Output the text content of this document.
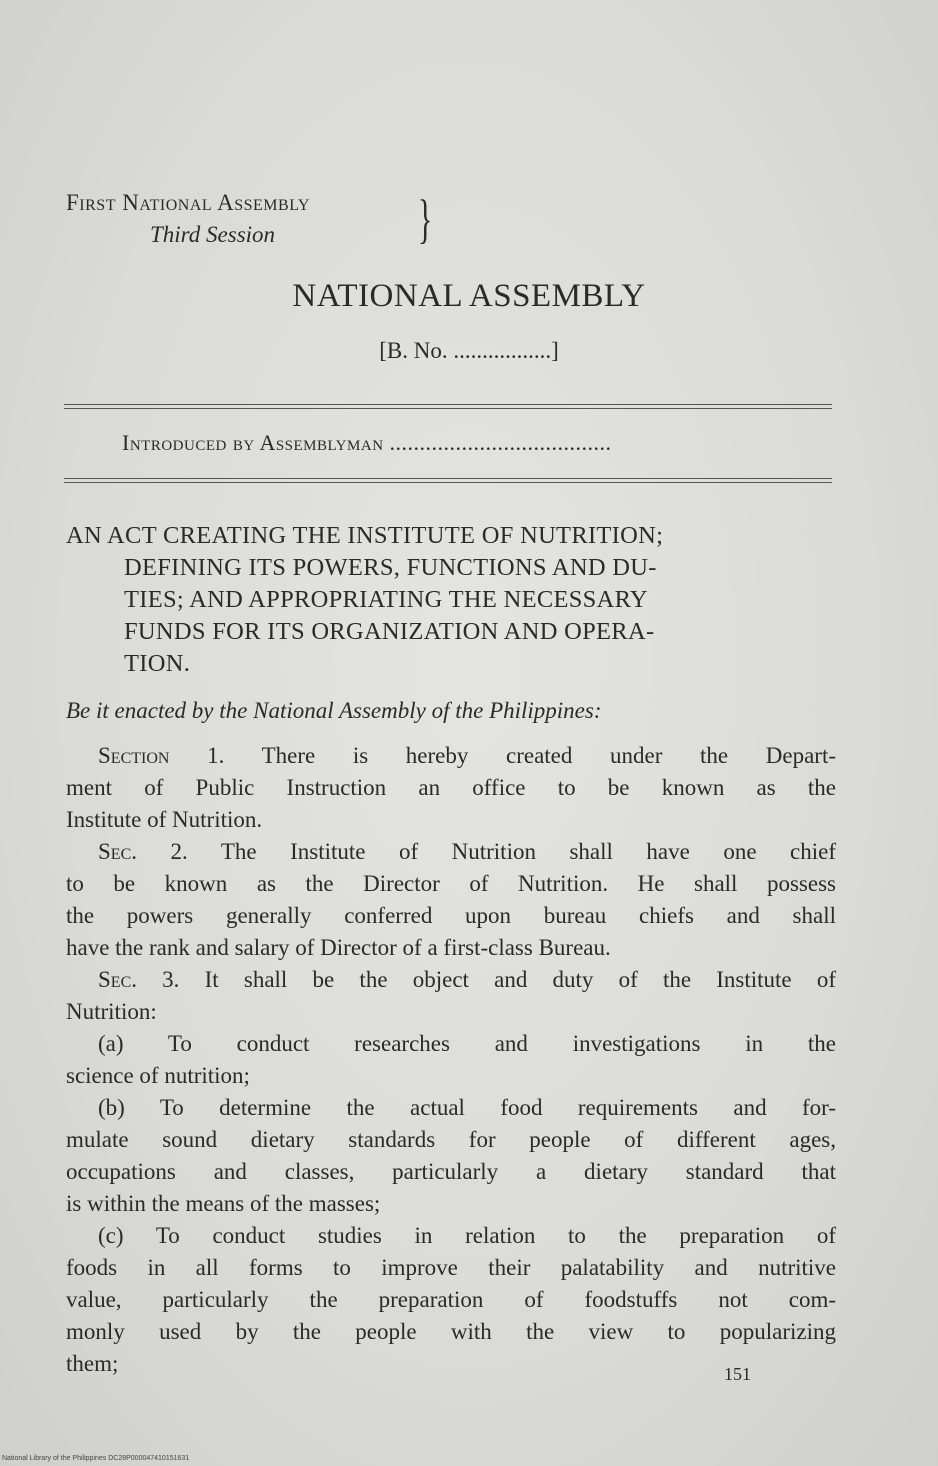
First National Assembly
Third Session	}
NATIONAL ASSEMBLY
[B. No. .................]
Introduced by Assemblyman .....................................

AN ACT CREATING THE INSTITUTE OF NUTRITION;

DEFINING ITS POWERS, FUNCTIONS AND DU-

TIES; AND APPROPRIATING THE NECESSARY

FUNDS FOR ITS ORGANIZATION AND OPERA-

TION.

Be it enacted by the National Assembly of the Philippines:
Section 1. There is hereby created under the Depart-
ment of Public Instruction an office to be known as the
Institute of Nutrition.
Sec. 2. The Institute of Nutrition shall have one chief
to be known as the Director of Nutrition. He shall possess
the powers generally conferred upon bureau chiefs and shall
have the rank and salary of Director of a first-class Bureau.
Sec. 3. It shall be the object and duty of the Institute of
Nutrition:
(a) To conduct researches and investigations in the
science of nutrition;
(b) To determine the actual food requirements and for-
mulate sound dietary standards for people of different ages,
occupations and classes, particularly a dietary standard that
is within the means of the masses;
(c) To conduct studies in relation to the preparation of
foods in all forms to improve their palatability and nutritive
value, particularly the preparation of foodstuffs not com-
monly used by the people with the view to popularizing
them;	151
National Library of the Philippines DC28P000047410151631
